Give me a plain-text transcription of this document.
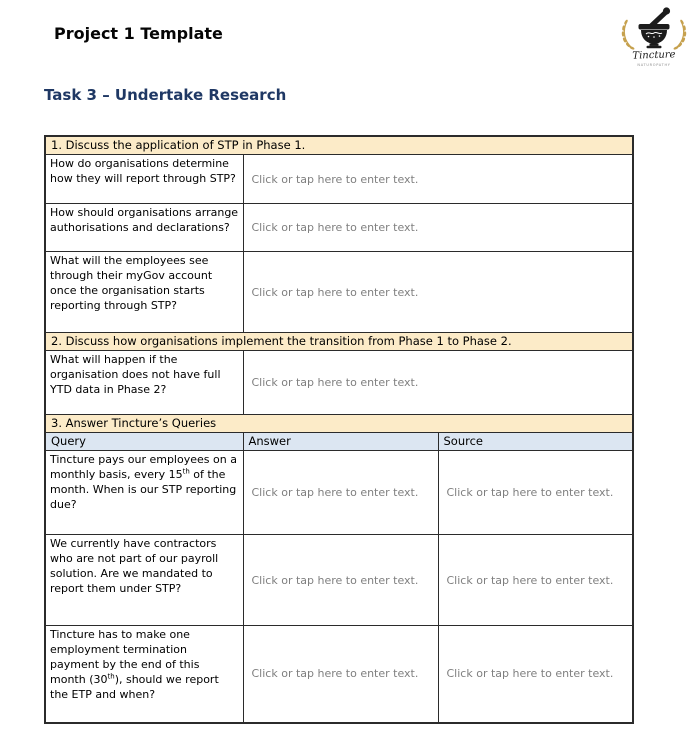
Project 1 Template
Tincture
NATUROPATHY
Task 3 – Undertake Research
1. Discuss the application of STP in Phase 1.		
How do organisations determine how they will report through STP?	Click or tap here to enter text.	
How should organisations arrange authorisations and declarations?	Click or tap here to enter text.	
What will the employees see through their myGov account once the organisation starts reporting through STP?	Click or tap here to enter text.	
2. Discuss how organisations implement the transition from Phase 1 to Phase 2.		
What will happen if the organisation does not have full YTD data in Phase 2?	Click or tap here to enter text.	
3. Answer Tincture’s Queries		
Query	Answer	Source
Tincture pays our employees on a monthly basis, every 15th of the month. When is our STP reporting due?	Click or tap here to enter text.	Click or tap here to enter text.
We currently have contractors who are not part of our payroll solution. Are we mandated to report them under STP?	Click or tap here to enter text.	Click or tap here to enter text.
Tincture has to make one employment termination payment by the end of this month (30th), should we report the ETP and when?	Click or tap here to enter text.	Click or tap here to enter text.
